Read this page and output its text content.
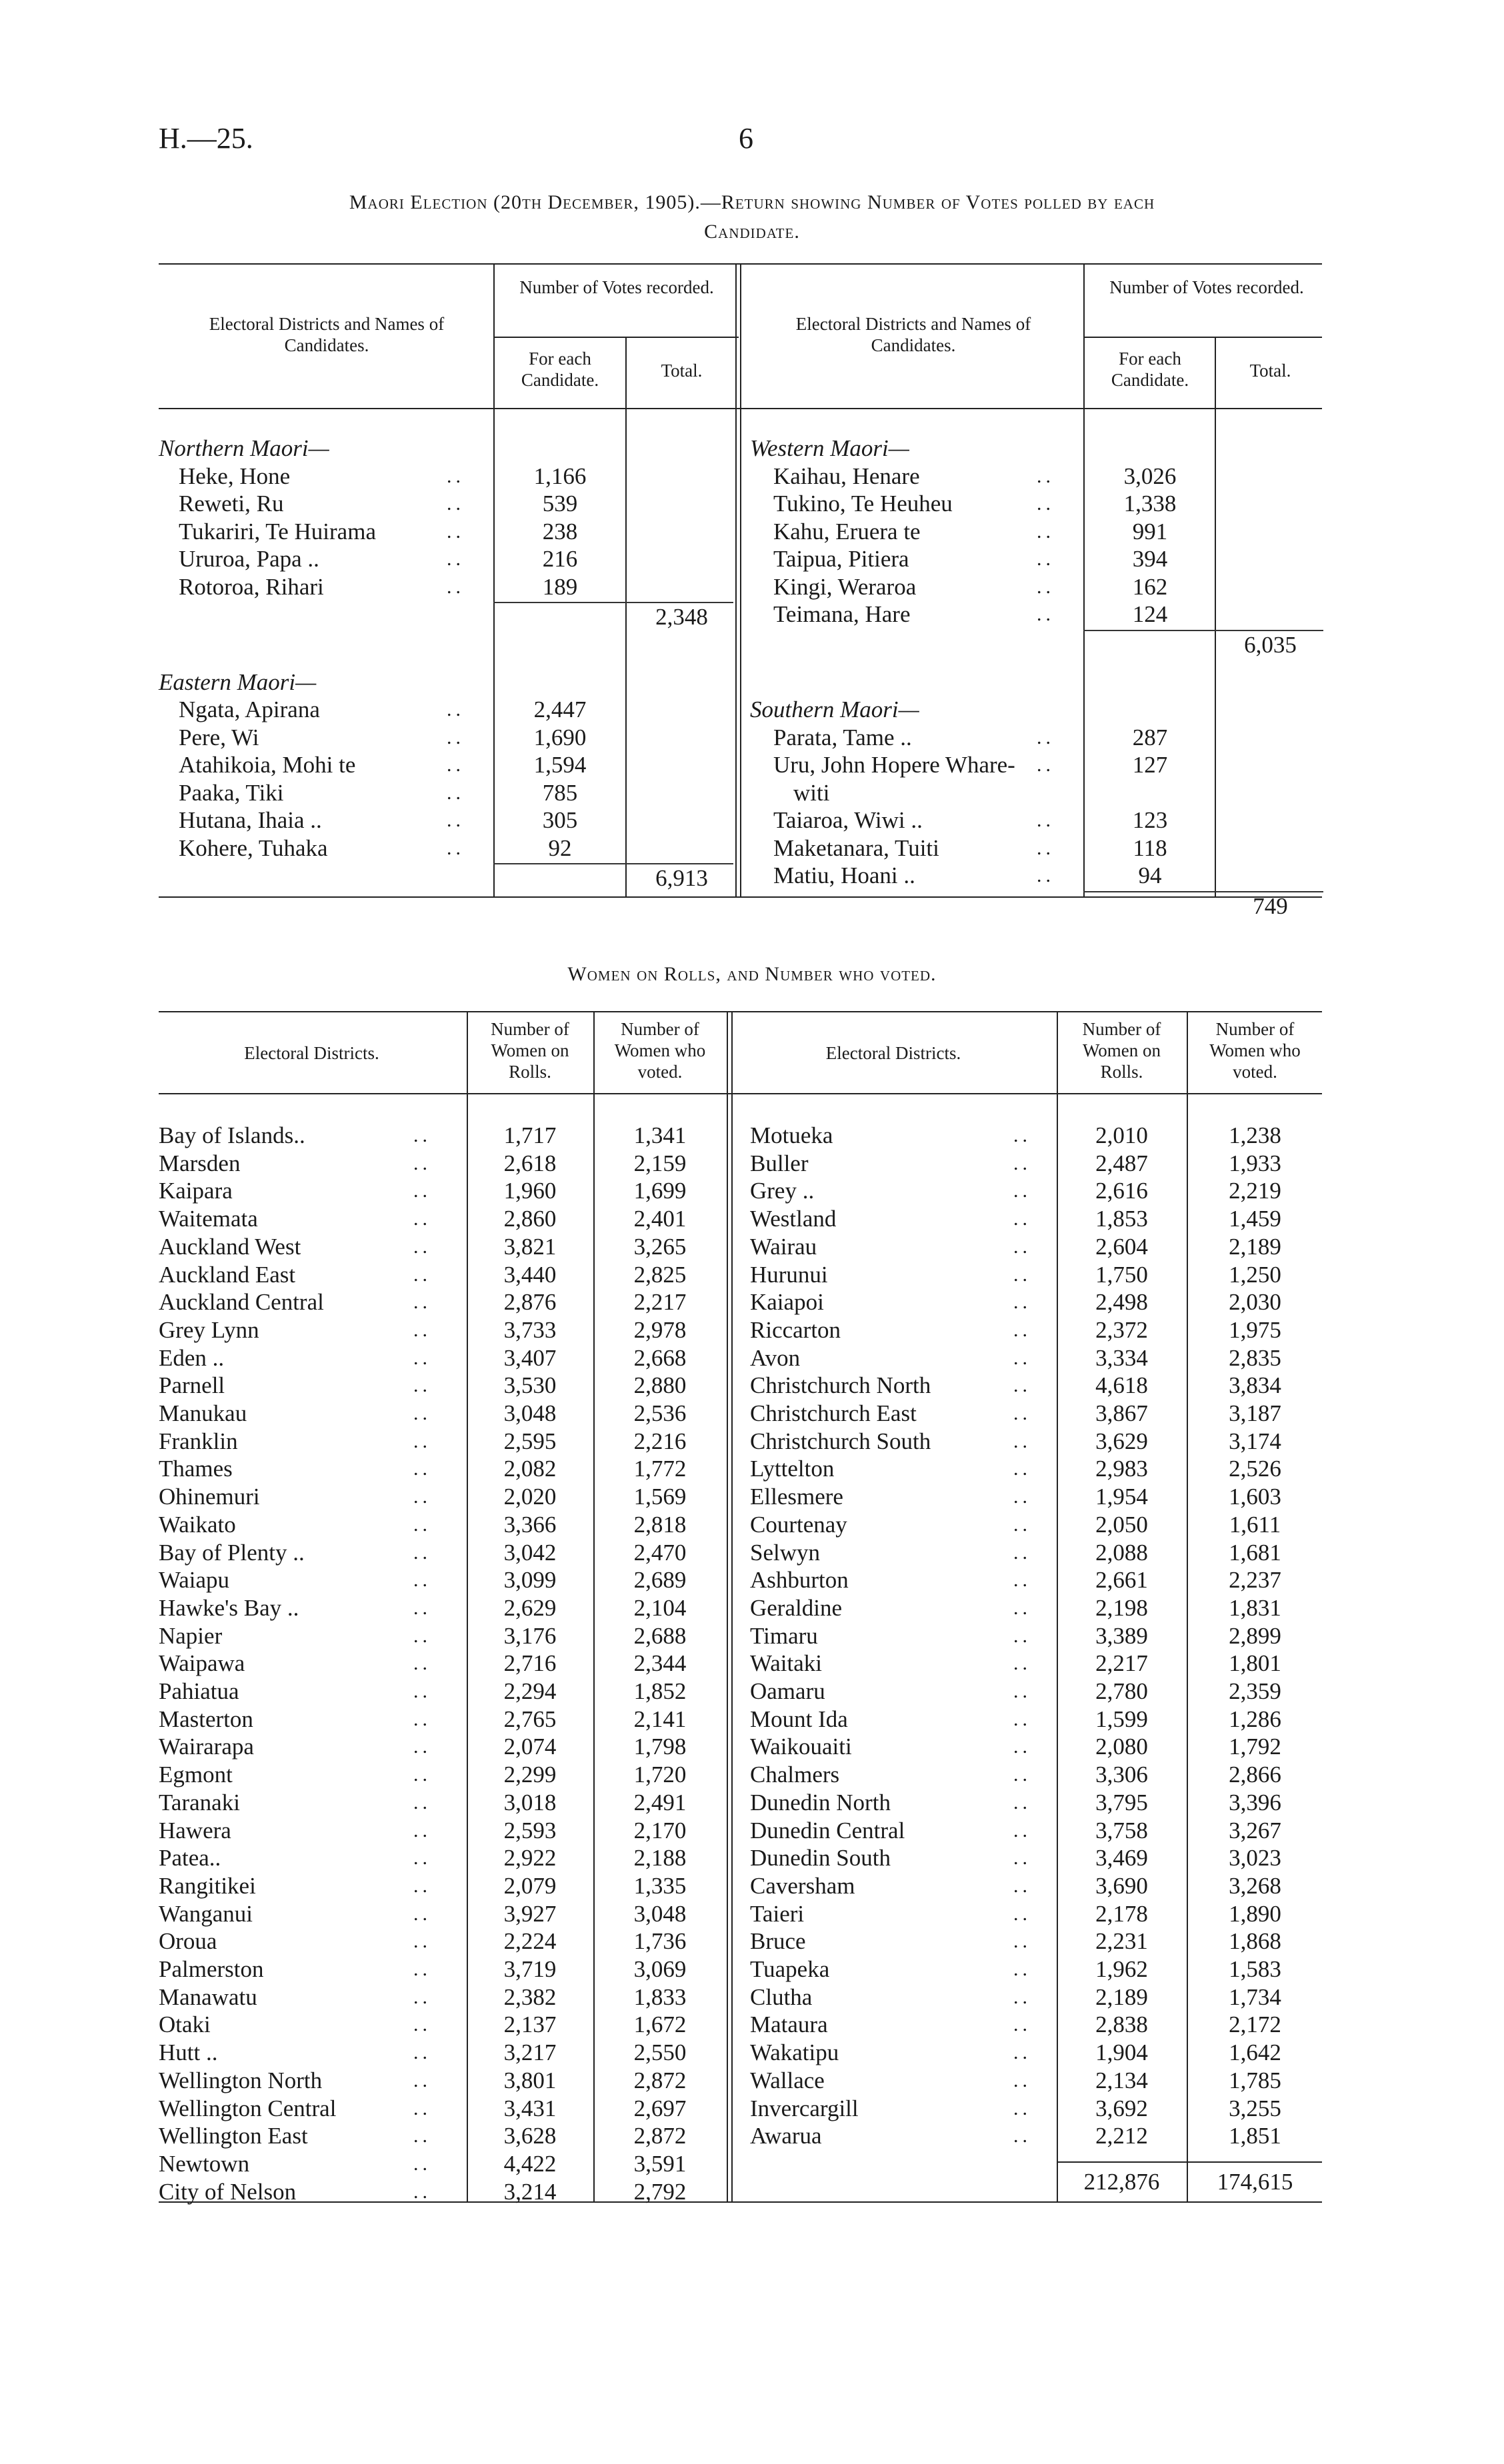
H.—25.	6
Maori Election (20th December, 1905).—Return showing Number of Votes polled by each
Candidate.
Electoral Districts and Names of Candidates.
Number of Votes recorded.
For each Candidate.	Total.
Electoral Districts and Names of Candidates.
Number of Votes recorded.
For each Candidate.	Total.
Northern Maori—
Heke, Hone	..	1,166
Reweti, Ru	..	539
Tukariri, Te Huirama	..	238
Ururoa, Papa ..	..	216
Rotoroa, Rihari	..	189
2,348
Eastern Maori—
Ngata, Apirana	..	2,447
Pere, Wi	..	1,690
Atahikoia, Mohi te	..	1,594
Paaka, Tiki	..	785
Hutana, Ihaia ..	..	305
Kohere, Tuhaka	..	92
6,913
Western Maori—
Kaihau, Henare	..	3,026
Tukino, Te Heuheu	..	1,338
Kahu, Eruera te	..	991
Taipua, Pitiera	..	394
Kingi, Weraroa	..	162
Teimana, Hare	..	124
6,035
Southern Maori—
Parata, Tame ..	..	287
Uru, John Hopere Whare- ..	127
witi
Taiaroa, Wiwi ..	..	123
Maketanara, Tuiti	..	118
Matiu, Hoani ..	..	94
749
Women on Rolls, and Number who voted.
Electoral Districts.
Number of Women on Rolls.
Number of Women who voted.
Electoral Districts.
Number of Women on Rolls.
Number of Women who voted.
Bay of Islands..	..	1,717	1,341
Marsden	..	2,618	2,159
Kaipara	..	1,960	1,699
Waitemata	..	2,860	2,401
Auckland West	..	3,821	3,265
Auckland East	..	3,440	2,825
Auckland Central	..	2,876	2,217
Grey Lynn	..	3,733	2,978
Eden ..	..	3,407	2,668
Parnell	..	3,530	2,880
Manukau	..	3,048	2,536
Franklin	..	2,595	2,216
Thames	..	2,082	1,772
Ohinemuri	..	2,020	1,569
Waikato	..	3,366	2,818
Bay of Plenty ..	..	3,042	2,470
Waiapu	..	3,099	2,689
Hawke's Bay ..	..	2,629	2,104
Napier	..	3,176	2,688
Waipawa	..	2,716	2,344
Pahiatua	..	2,294	1,852
Masterton	..	2,765	2,141
Wairarapa	..	2,074	1,798
Egmont	..	2,299	1,720
Taranaki	..	3,018	2,491
Hawera	..	2,593	2,170
Patea..	..	2,922	2,188
Rangitikei	..	2,079	1,335
Wanganui	..	3,927	3,048
Oroua	..	2,224	1,736
Palmerston	..	3,719	3,069
Manawatu	..	2,382	1,833
Otaki	..	2,137	1,672
Hutt ..	..	3,217	2,550
Wellington North	..	3,801	2,872
Wellington Central	..	3,431	2,697
Wellington East	..	3,628	2,872
Newtown	..	4,422	3,591
City of Nelson	..	3,214	2,792
Motueka	..	2,010	1,238
Buller	..	2,487	1,933
Grey ..	..	2,616	2,219
Westland	..	1,853	1,459
Wairau	..	2,604	2,189
Hurunui	..	1,750	1,250
Kaiapoi	..	2,498	2,030
Riccarton	..	2,372	1,975
Avon	..	3,334	2,835
Christchurch North	..	4,618	3,834
Christchurch East	..	3,867	3,187
Christchurch South	..	3,629	3,174
Lyttelton	..	2,983	2,526
Ellesmere	..	1,954	1,603
Courtenay	..	2,050	1,611
Selwyn	..	2,088	1,681
Ashburton	..	2,661	2,237
Geraldine	..	2,198	1,831
Timaru	..	3,389	2,899
Waitaki	..	2,217	1,801
Oamaru	..	2,780	2,359
Mount Ida	..	1,599	1,286
Waikouaiti	..	2,080	1,792
Chalmers	..	3,306	2,866
Dunedin North	..	3,795	3,396
Dunedin Central	..	3,758	3,267
Dunedin South	..	3,469	3,023
Caversham	..	3,690	3,268
Taieri	..	2,178	1,890
Bruce	..	2,231	1,868
Tuapeka	..	1,962	1,583
Clutha	..	2,189	1,734
Mataura	..	2,838	2,172
Wakatipu	..	1,904	1,642
Wallace	..	2,134	1,785
Invercargill	..	3,692	3,255
Awarua	..	2,212	1,851
212,876	174,615
